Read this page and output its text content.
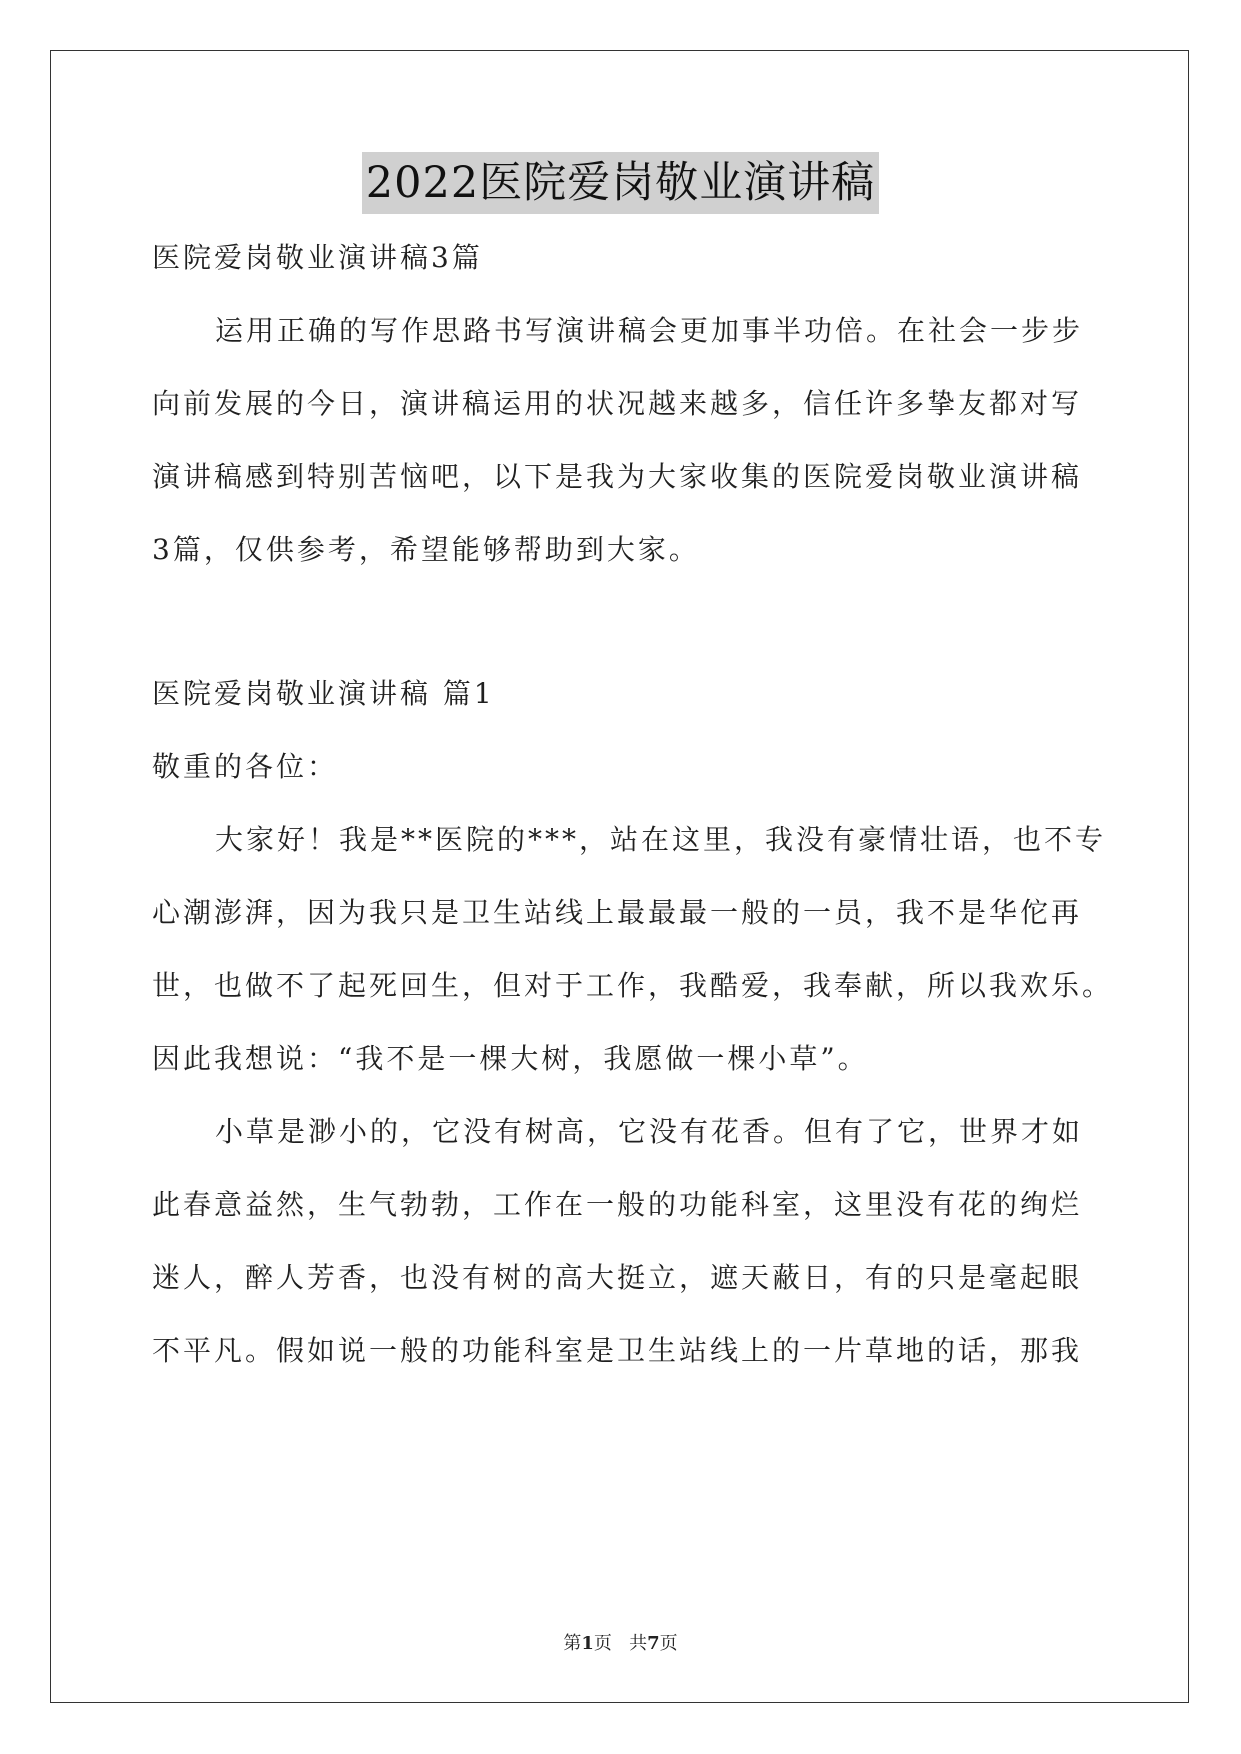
2022医院爱岗敬业演讲稿
医院爱岗敬业演讲稿3篇
运用正确的写作思路书写演讲稿会更加事半功倍。在社会一步步
向前发展的今日，演讲稿运用的状况越来越多，信任许多挚友都对写
演讲稿感到特别苦恼吧，以下是我为大家收集的医院爱岗敬业演讲稿
3篇，仅供参考，希望能够帮助到大家。
医院爱岗敬业演讲稿 篇1
敬重的各位：
大家好！我是**医院的***，站在这里，我没有豪情壮语，也不专
心潮澎湃，因为我只是卫生站线上最最最一般的一员，我不是华佗再
世，也做不了起死回生，但对于工作，我酷爱，我奉献，所以我欢乐。
因此我想说：“我不是一棵大树，我愿做一棵小草”。
小草是渺小的，它没有树高，它没有花香。但有了它，世界才如
此春意益然，生气勃勃，工作在一般的功能科室，这里没有花的绚烂
迷人，醉人芳香，也没有树的高大挺立，遮天蔽日，有的只是毫起眼
不平凡。假如说一般的功能科室是卫生站线上的一片草地的话，那我
第1页 共7页
